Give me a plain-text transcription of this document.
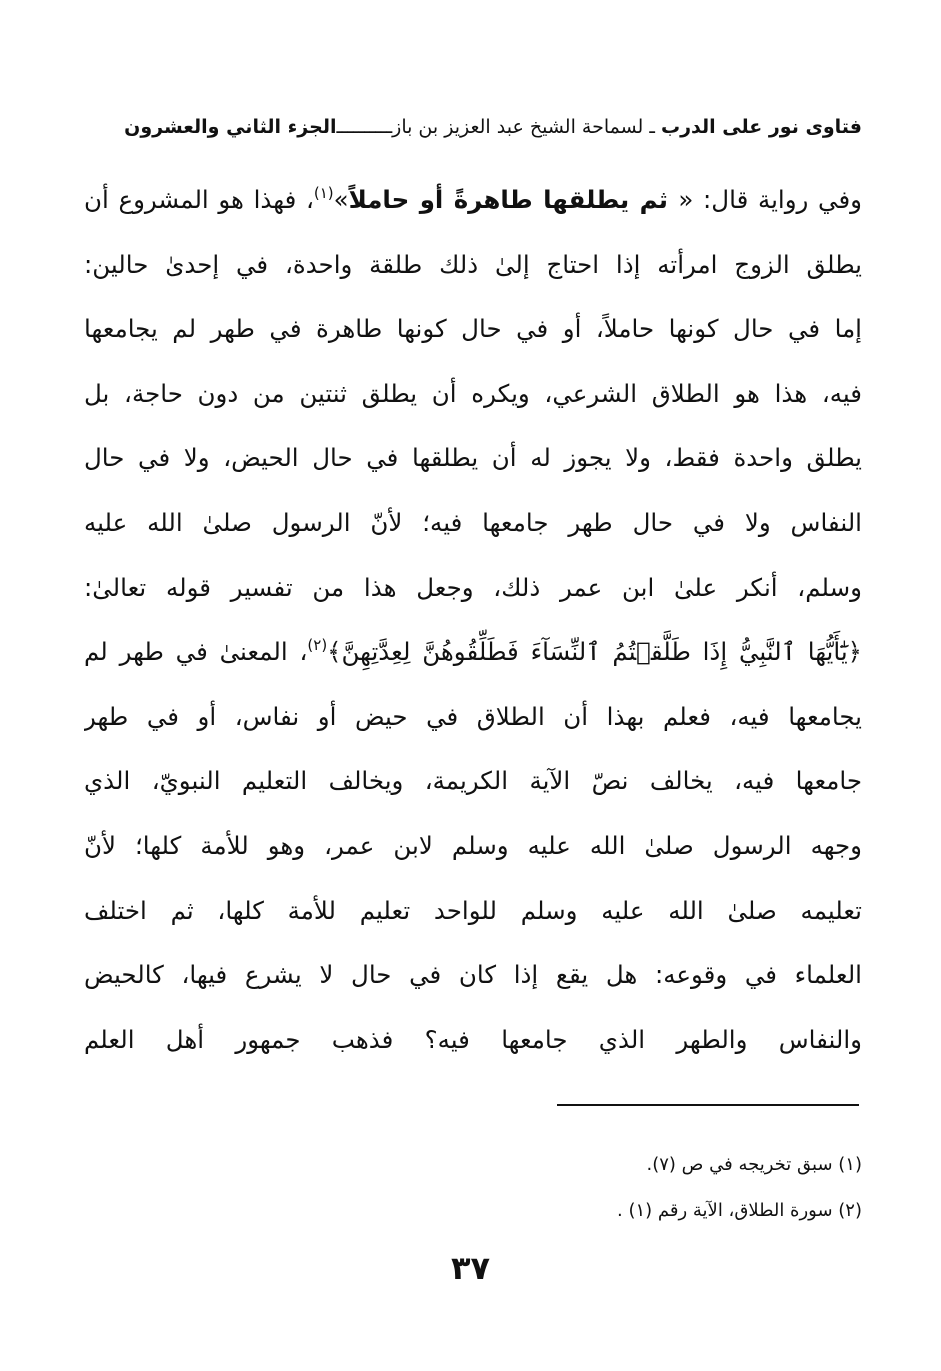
فتاوى نور على الدرب ـ لسماحة الشيخ عبد العزيز بن بازــــــــــالجزء الثاني والعشرون
وفي رواية قال: « ثم يطلقها طاهرةً أو حاملاً»$^{(١)}$، فهذا هو المشروع أن
يطلق الزوج امرأته إذا احتاج إلىٰ ذلك طلقة واحدة، في إحدىٰ حالين:
إما في حال كونها حاملاً، أو في حال كونها طاهرة في طهر لم يجامعها
فيه، هذا هو الطلاق الشرعي، ويكره أن يطلق ثنتين من دون حاجة، بل
يطلق واحدة فقط، ولا يجوز له أن يطلقها في حال الحيض، ولا في حال
النفاس ولا في حال طهر جامعها فيه؛ لأنّ الرسول صلىٰ الله عليه
وسلم، أنكر علىٰ ابن عمر ذلك، وجعل هذا من تفسير قوله تعالىٰ:
﴿يَٰٓأَيُّهَا ٱلنَّبِيُّ إِذَا طَلَّقۡتُمُ ٱلنِّسَآءَ فَطَلِّقُوهُنَّ لِعِدَّتِهِنَّ﴾$^{(٢)}$، المعنىٰ في طهر لم
يجامعها فيه، فعلم بهذا أن الطلاق في حيض أو نفاس، أو في طهر
جامعها فيه، يخالف نصّ الآية الكريمة، ويخالف التعليم النبويّ، الذي
وجهه الرسول صلىٰ الله عليه وسلم لابن عمر، وهو للأمة كلها؛ لأنّ
تعليمه صلىٰ الله عليه وسلم للواحد تعليم للأمة كلها، ثم اختلف
العلماء في وقوعه: هل يقع إذا كان في حال لا يشرع فيها، كالحيض
والنفاس والطهر الذي جامعها فيه؟ فذهب جمهور أهل العلم
(١) سبق تخريجه في ص (٧).
(٢) سورة الطلاق، الآية رقم (١) .
٣٧
